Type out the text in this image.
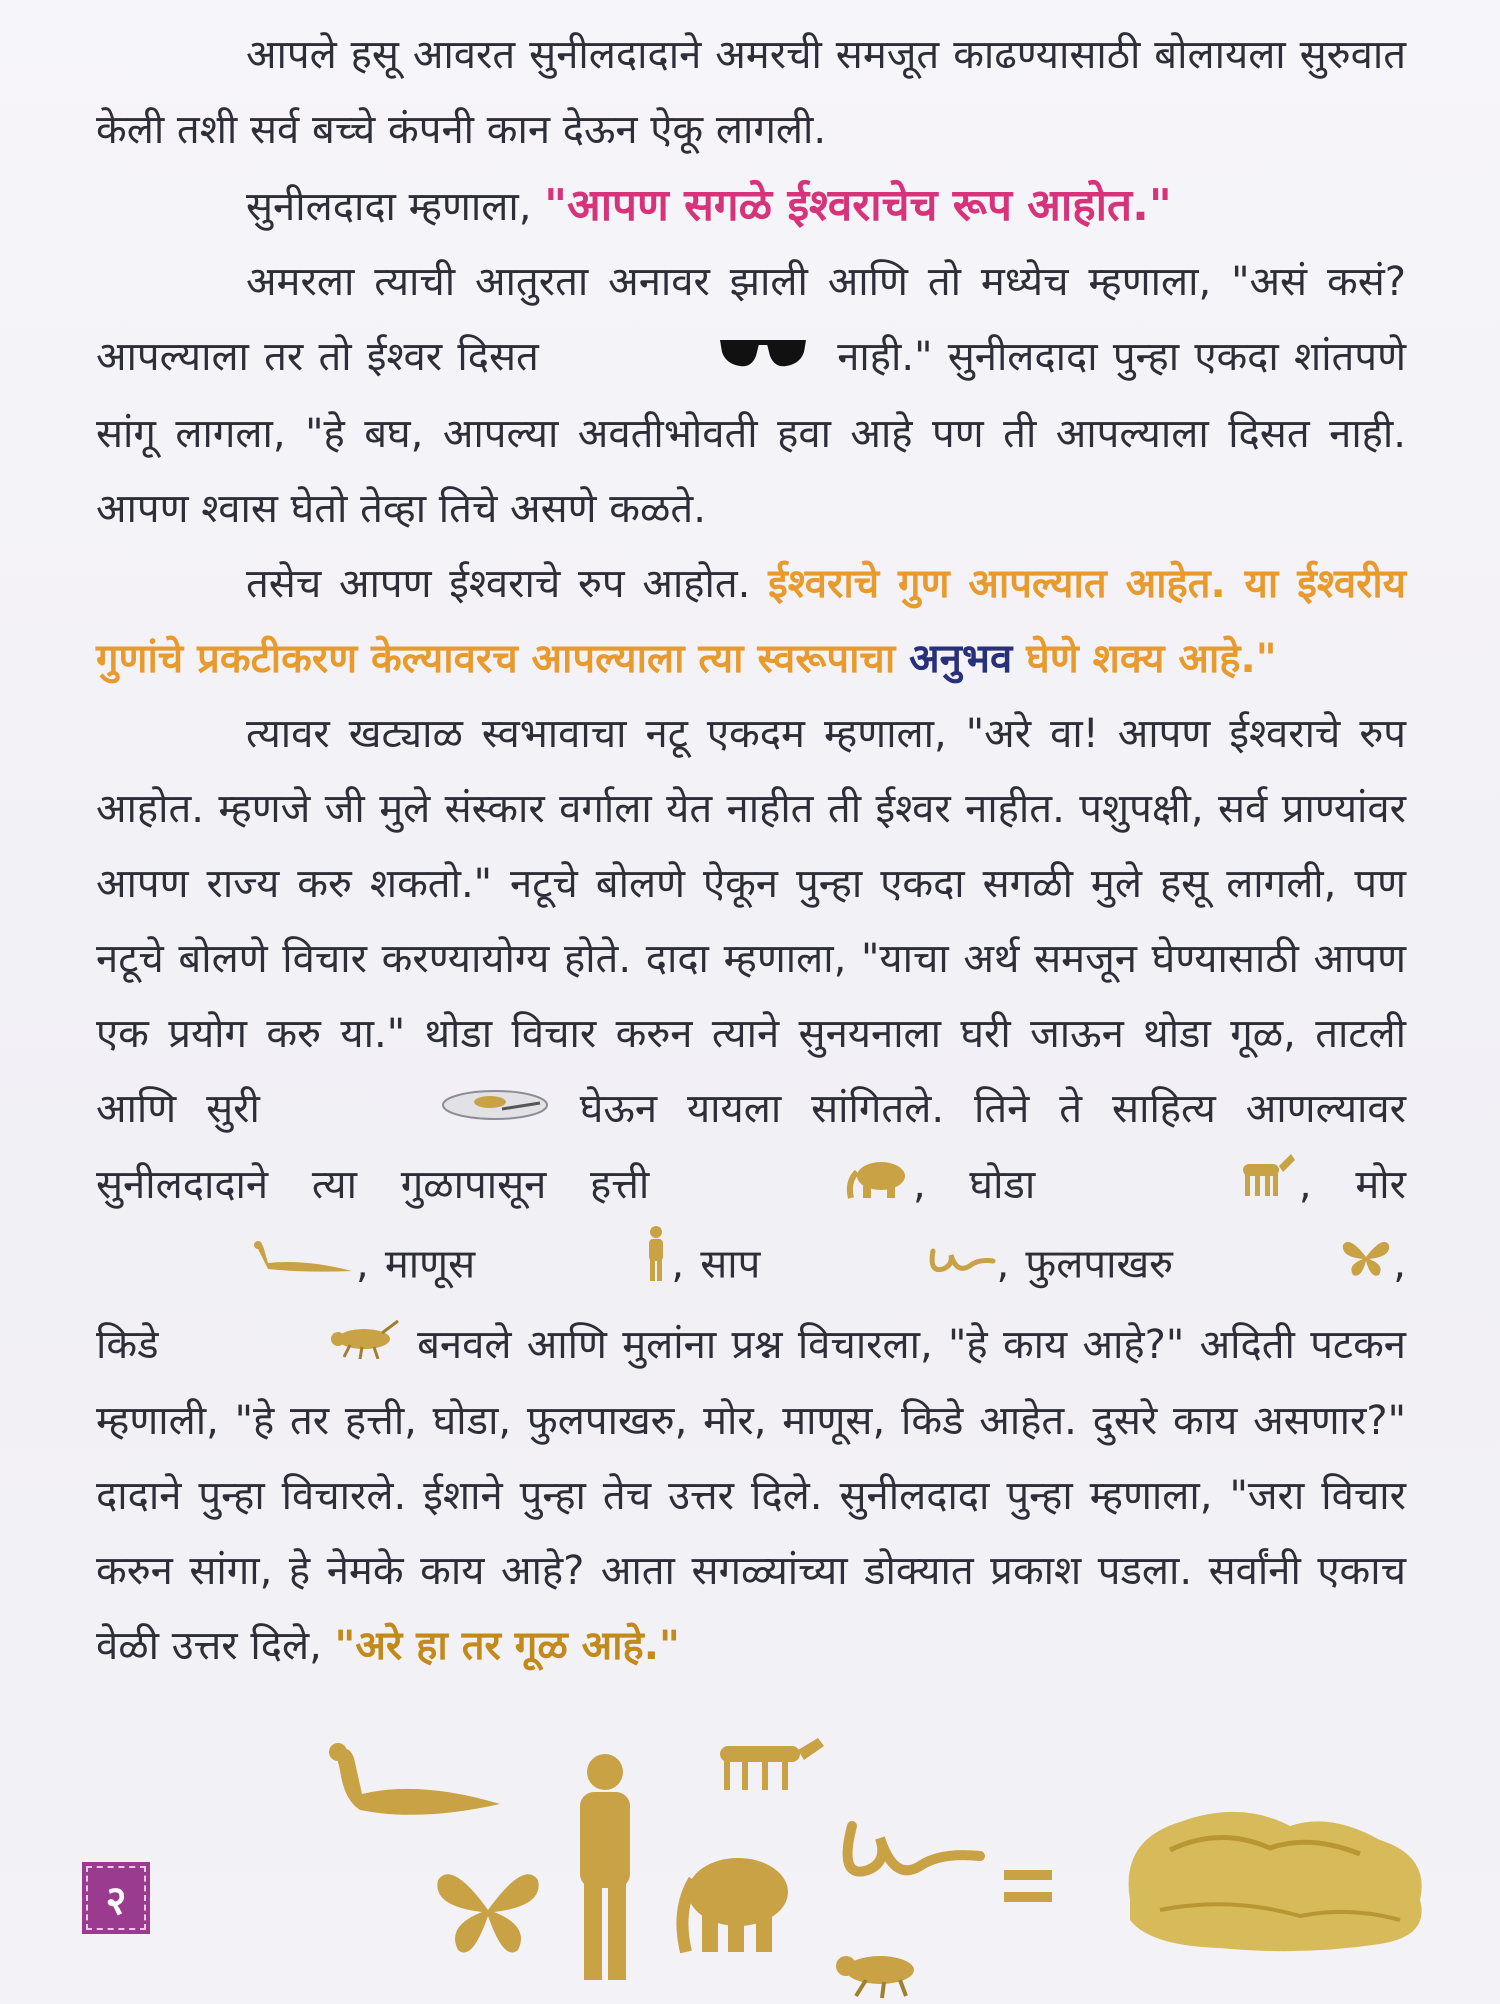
आपले हसू आवरत सुनीलदादाने अमरची समजूत काढण्यासाठी बोलायला सुरुवात केली तशी सर्व बच्चे कंपनी कान देऊन ऐकू लागली.

सुनीलदादा म्हणाला, "आपण सगळे ईश्वराचेच रूप आहोत."

अमरला त्याची आतुरता अनावर झाली आणि तो मध्येच म्हणाला, "असं कसं? आपल्याला तर तो ईश्वर दिसत	नाही." सुनीलदादा पुन्हा एकदा शांतपणे सांगू लागला, "हे बघ, आपल्या अवतीभोवती हवा आहे पण ती आपल्याला दिसत नाही. आपण श्वास घेतो तेव्हा तिचे असणे कळते.

तसेच आपण ईश्वराचे रुप आहोत. ईश्वराचे गुण आपल्यात आहेत. या ईश्वरीय गुणांचे प्रकटीकरण केल्यावरच आपल्याला त्या स्वरूपाचा अनुभव घेणे शक्य आहे."

त्यावर खट्याळ स्वभावाचा नटू एकदम म्हणाला, "अरे वा! आपण ईश्वराचे रुप आहोत. म्हणजे जी मुले संस्कार वर्गाला येत नाहीत ती ईश्वर नाहीत. पशुपक्षी, सर्व प्राण्यांवर आपण राज्य करु शकतो." नटूचे बोलणे ऐकून पुन्हा एकदा सगळी मुले हसू लागली, पण नटूचे बोलणे विचार करण्यायोग्य होते. दादा म्हणाला, "याचा अर्थ समजून घेण्यासाठी आपण एक प्रयोग करु या." थोडा विचार करुन त्याने सुनयनाला घरी जाऊन थोडा गूळ, ताटली आणि सुरी	घेऊन यायला सांगितले. तिने ते साहित्य आणल्यावर सुनीलदादाने त्या गुळापासून हत्ती	, घोडा	, मोर , माणूस	, साप	, फुलपाखरु	, किडे	बनवले आणि मुलांना प्रश्न विचारला, "हे काय आहे?" अदिती पटकन म्हणाली, "हे तर हत्ती, घोडा, फुलपाखरु, मोर, माणूस, किडे आहेत. दुसरे काय असणार?" दादाने पुन्हा विचारले. ईशाने पुन्हा तेच उत्तर दिले. सुनीलदादा पुन्हा म्हणाला, "जरा विचार करुन सांगा, हे नेमके काय आहे? आता सगळ्यांच्या डोक्यात प्रकाश पडला. सर्वांनी एकाच वेळी उत्तर दिले, "अरे हा तर गूळ आहे."

२
